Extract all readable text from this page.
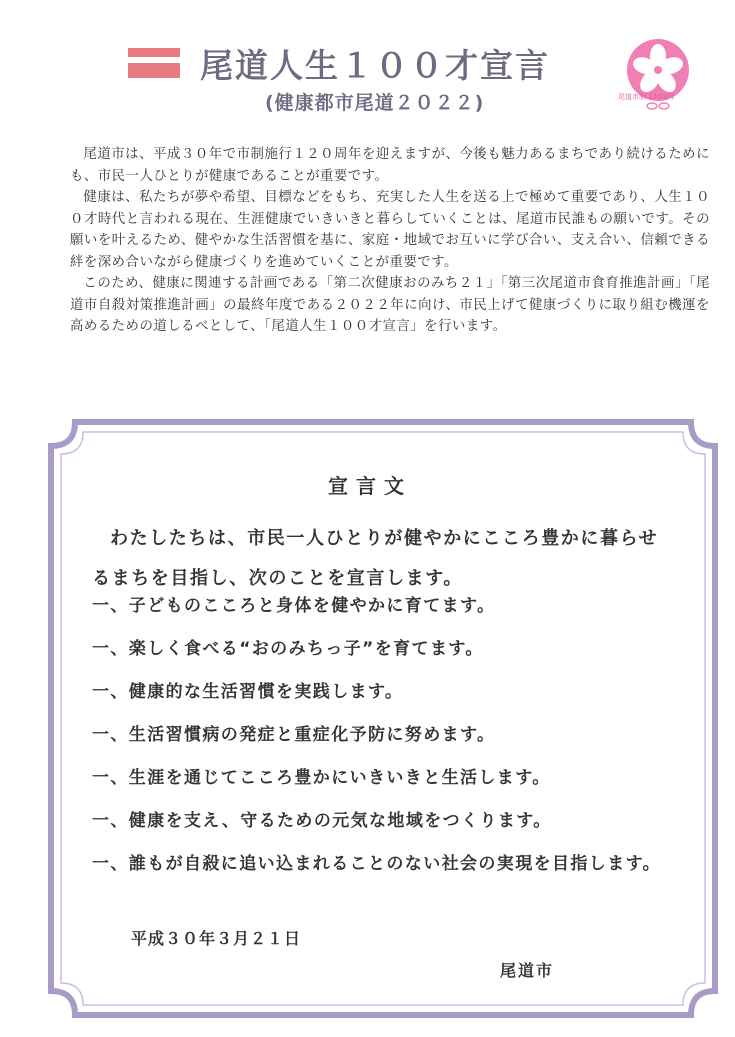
尾道人生１００才宣言
(健康都市尾道２０２２)	尾道市制 120周年

尾道市は、平成３０年で市制施行１２０周年を迎えますが、今後も魅力あるまちであり続けるためにも、市民一人ひとりが健康であることが重要です。

健康は、私たちが夢や希望、目標などをもち、充実した人生を送る上で極めて重要であり、人生１００才時代と言われる現在、生涯健康でいきいきと暮らしていくことは、尾道市民誰もの願いです。その願いを叶えるため、健やかな生活習慣を基に、家庭・地域でお互いに学び合い、支え合い、信頼できる絆を深め合いながら健康づくりを進めていくことが重要です。

このため、健康に関連する計画である「第二次健康おのみち２１」「第三次尾道市食育推進計画」「尾道市自殺対策推進計画」の最終年度である２０２２年に向け、市民上げて健康づくりに取り組む機運を高めるための道しるべとして、「尾道人生１００才宣言」を行います。

宣言文

わたしたちは、市民一人ひとりが健やかにこころ豊かに暮らせるまちを目指し、次のことを宣言します。

一、子どものこころと身体を健やかに育てます。
一、楽しく食べる“おのみちっ子”を育てます。
一、健康的な生活習慣を実践します。
一、生活習慣病の発症と重症化予防に努めます。
一、生涯を通じてこころ豊かにいきいきと生活します。
一、健康を支え、守るための元気な地域をつくります。
一、誰もが自殺に追い込まれることのない社会の実現を目指します。
平成３０年３月２１日
尾道市
